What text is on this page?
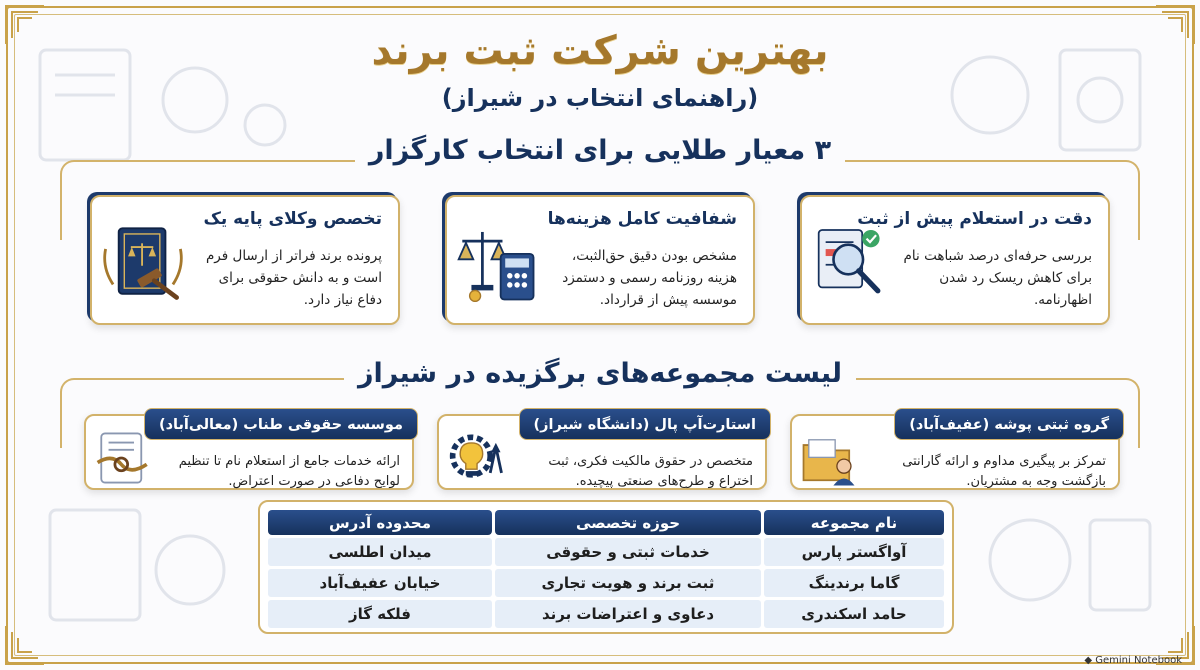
بهترین شرکت ثبت برند
(راهنمای انتخاب در شیراز)
۳ معیار طلایی برای انتخاب کارگزار
دقت در استعلام پیش از ثبت
بررسی حرفه‌ای درصد شباهت نام
برای کاهش ریسک رد شدن
اظهارنامه.
شفافیت کامل هزینه‌ها
مشخص بودن دقیق حق‌الثبت،
هزینه روزنامه رسمی و دستمزد
موسسه پیش از قرارداد.
تخصص وکلای پایه یک
پرونده برند فراتر از ارسال فرم
است و به دانش حقوقی برای
دفاع نیاز دارد.
لیست مجموعه‌های برگزیده در شیراز
گروه ثبتی پوشه (عفیف‌آباد)
تمرکز بر پیگیری مداوم و ارائه گارانتی
بازگشت وجه به مشتریان.
استارت‌آپ پال (دانشگاه شیراز)
متخصص در حقوق مالکیت فکری، ثبت
اختراع و طرح‌های صنعتی پیچیده.
موسسه حقوقی طناب (معالی‌آباد)
ارائه خدمات جامع از استعلام نام تا تنظیم
لوایح دفاعی در صورت اعتراض.
نام مجموعه	حوزه تخصصی	محدوده آدرس
آواگستر پارس	خدمات ثبتی و حقوقی	میدان اطلسی
گاما برندینگ	ثبت برند و هویت تجاری	خیابان عفیف‌آباد
حامد اسکندری	دعاوی و اعتراضات برند	فلکه گاز
◆ Gemini Notebook
